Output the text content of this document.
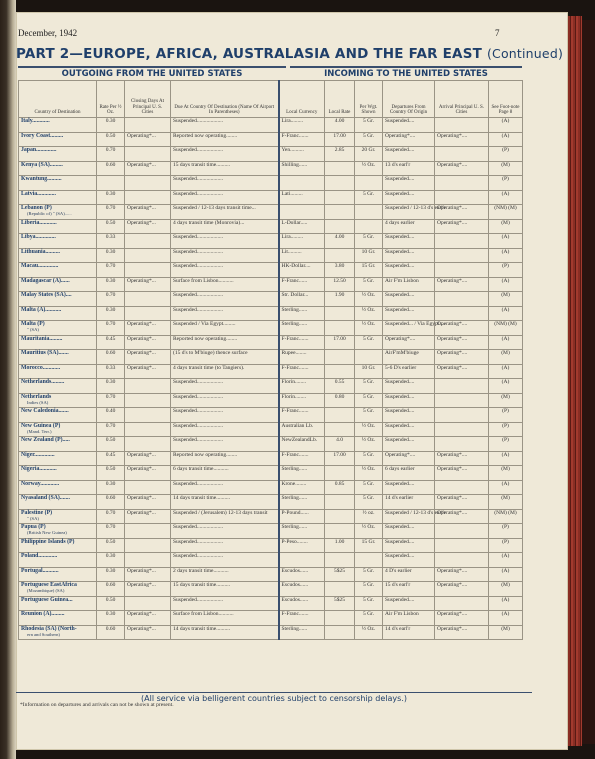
December, 1942	7
PART 2—EUROPE, AFRICA, AUSTRALASIA AND THE FAR EAST (Continued)
OUTGOING FROM THE UNITED STATES	INCOMING TO THE UNITED STATES
Country of Destination	Rate Per ½ Oz.	Closing Days At Principal U. S. Cities	Due At Country Of Destination (Name Of Airport In Parentheses)	Local Currency	Local Rate	Per Wgt. Shown	Departures From Country Of Origin	Arrival Principal U. S. Cities	See Foot-note Page 8
Italy............	0.30		Suspended...................	Lira.........	4.00	5 Gr.	Suspended....		(A)
Ivory Coast.........	0.50	Operating*...	Reported now operating........	F-Franc.......	17.00	5 Gr.	Operating*....	Operating*....	(A)
Japan..............	0.70		Suspended...................	Yen..........	2.85	20 Gr.	Suspended....		(P)
Kenya (SA).........	0.60	Operating*...	15 days transit time..........	Shilling......		½ Oz.	13 d's earl'r	Operating*....	(M)
Kwantung..........			Suspended...................				Suspended....		(P)
Latvia.............	0.30		Suspended...................	Lati.........		5 Gr.	Suspended....		(A)
Lebanon (P)
(Republic of) " (SA)......	0.70	Operating*...	Suspended / 12-13 days transit time...				Suspended / 12-13 d's earl'r	Operating*....	(NM) (M)
Liberia............	0.50	Operating*...	4 days transit time (Monrovia)...	L-Dollar.....			4 days earlier	Operating*....	(M)
Libya..............	0.33		Suspended...................	Lira.........	4.00	5 Gr.	Suspended....		(A)
Lithuania..........	0.30		Suspended...................	Lit..........		10 Gr.	Suspended....		(A)
Macau..............	0.70		Suspended...................	HK-Dollar....	3.80	15 Gr.	Suspended....		(P)
Madagascar (A)......	0.30	Operating*...	Surface from Lisbon...........	F-Franc......	12.50	5 Gr.	Air F'm Lisbon	Operating*....	(A)
Malay States (SA)....	0.70		Suspended...................	Str. Dollar...	1.90	½ Oz.	Suspended....		(M)
Malta (A)...........	0.30		Suspended...................	Sterling......		½ Oz.	Suspended....		(A)
Malta (P)
" (SA)	0.70	Operating*...	Suspended / Via Egypt.........	Sterling......		½ Oz.	Suspended... / Via Egypt....	Operating*....	(NM) (M)
Mauritania.........	0.45	Operating*...	Reported now operating........	F-Franc.......	17.00	5 Gr.	Operating*....	Operating*....	(A)
Mauritius (SA).......	0.60	Operating*...	(15 d's to M'biuge) thence surface	Rupee........			AirF'mM'biuge	Operating*....	(M)
Morocco............	0.33	Operating*...	4 days transit time (to Tangiers).	F-Franc.......		10 Gr.	5-6 D's earlier	Operating*....	(A)
Netherlands.........	0.30		Suspended...................	Florin........	0.55	5 Gr.	Suspended....		(A)
Netherlands
Indies (SA)	0.70		Suspended...................	Florin........	0.80	5 Gr.	Suspended....		(M)
New Caledonia.......	0.40		Suspended...................	F-Franc.......		5 Gr.	Suspended....		(P)
New Guinea (P)
(Mand. Terr.)	0.70		Suspended...................	Australian Lb.		½ Oz.	Suspended....		(P)
New Zealand (P).....	0.50		Suspended...................	NewZealandLb.	4.0	½ Oz.	Suspended....		(P)
Niger..............	0.45	Operating*...	Reported now operating........	F-Franc.......	17.00	5 Gr.	Operating*....	Operating*....	(A)
Nigeria............	0.50	Operating*...	6 days transit time...........	Sterling......		½ Oz.	6 days earlier	Operating*....	(M)
Norway.............	0.30		Suspended...................	Krone........	0.85	5 Gr.	Suspended....		(A)
Nyasaland (SA).......	0.60	Operating*...	14 days transit time..........	Sterling......		5 Gr.	14 d's earlier	Operating*....	(M)
Palestine (P)
" (SA)	0.70	Operating*...	Suspended / (Jerusalem) 12-13 days transit	P-Pound......		½ oz.	Suspended / 12-13 d's earl'r	Operating*....	(NM) (M)
Papua (P)
(British New Guinea)	0.70		Suspended...................	Sterling......		½ Oz.	Suspended....		(P)
Philippine Islands (P)	0.50		Suspended...................	P-Peso........	1.00	15 Gr.	Suspended....		(P)
Poland.............	0.30		Suspended...................				Suspended....		(A)
Portugal...........	0.30	Operating*...	2 days transit time...........	Escudos......	5$25	5 Gr.	4 D's earlier	Operating*....	(A)
Portuguese EastAfrica
(Mozambique) (SA)	0.60	Operating*...	15 days transit time..........	Escudos......		5 Gr.	15 d's earl'r	Operating*....	(M)
Portuguese Guinea...	0.50		Suspended...................	Escudos......	5$25	5 Gr.	Suspended....		(A)
Reunion (A).........	0.30	Operating*...	Surface from Lisbon...........	F-Franc.......		5 Gr.	Air F'm Lisbon	Operating*....	(A)
Rhodesia (SA) (North-
ern and Southern)	0.60	Operating*...	14 days transit time..........	Sterling......		½ Oz.	14 d's earl'r	Operating*....	(M)
(All service via belligerent countries subject to censorship delays.)
*Information on departures and arrivals can not be shown at present.
